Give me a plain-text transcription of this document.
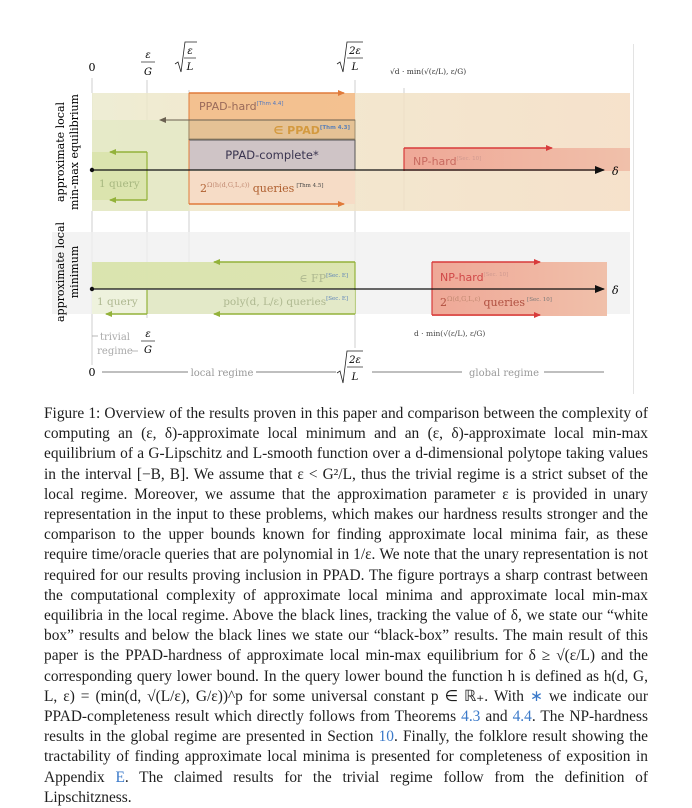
0
ε
G
ε
L
2ε
L	√d · min(√(ε/L), ε/G)
approximate local min-max equilibrium	PPAD-hard[Thm 4.4]
∈ PPAD[Thm 4.3]
PPAD-complete*
$2^{\Omega(h(d,G,L,\varepsilon))}$ queries [Thm 4.5]
1 query
NP-hard[Sec. 10]
δ
approximate local minimum	∈ FP[Sec. E]
poly(d, L/ε) queries[Sec. E]
1 query
NP-hard[Sec. 10]
$2^{\Omega(d,G,L,\varepsilon)}$ queries [Sec. 10]
δ
trivial
regime
ε
G
d · min(√(ε/L), ε/G)
0	local regime
2ε
L	global regime
Figure 1: Overview of the results proven in this paper and comparison between the complexity of computing an (ε, δ)-approximate local minimum and an (ε, δ)-approximate local min-max equilibrium of a G-Lipschitz and L-smooth function over a d-dimensional polytope taking values in the interval [−B, B]. We assume that ε < G²/L, thus the trivial regime is a strict subset of the local regime. Moreover, we assume that the approximation parameter ε is provided in unary representation in the input to these problems, which makes our hardness results stronger and the comparison to the upper bounds known for finding approximate local minima fair, as these require time/oracle queries that are polynomial in 1/ε. We note that the unary representation is not required for our results proving inclusion in PPAD. The figure portrays a sharp contrast between the computational complexity of approximate local minima and approximate local min-max equilibria in the local regime. Above the black lines, tracking the value of δ, we state our “white box” results and below the black lines we state our “black-box” results. The main result of this paper is the PPAD-hardness of approximate local min-max equilibrium for δ ≥ √(ε/L) and the corresponding query lower bound. In the query lower bound the function h is defined as h(d, G, L, ε) = (min(d, √(L/ε), G/ε))^p for some universal constant p ∈ ℝ₊. With ∗ we indicate our PPAD-completeness result which directly follows from Theorems 4.3 and 4.4. The NP-hardness results in the global regime are presented in Section 10. Finally, the folklore result showing the tractability of finding approximate local minima is presented for completeness of exposition in Appendix E. The claimed results for the trivial regime follow from the definition of Lipschitzness.
